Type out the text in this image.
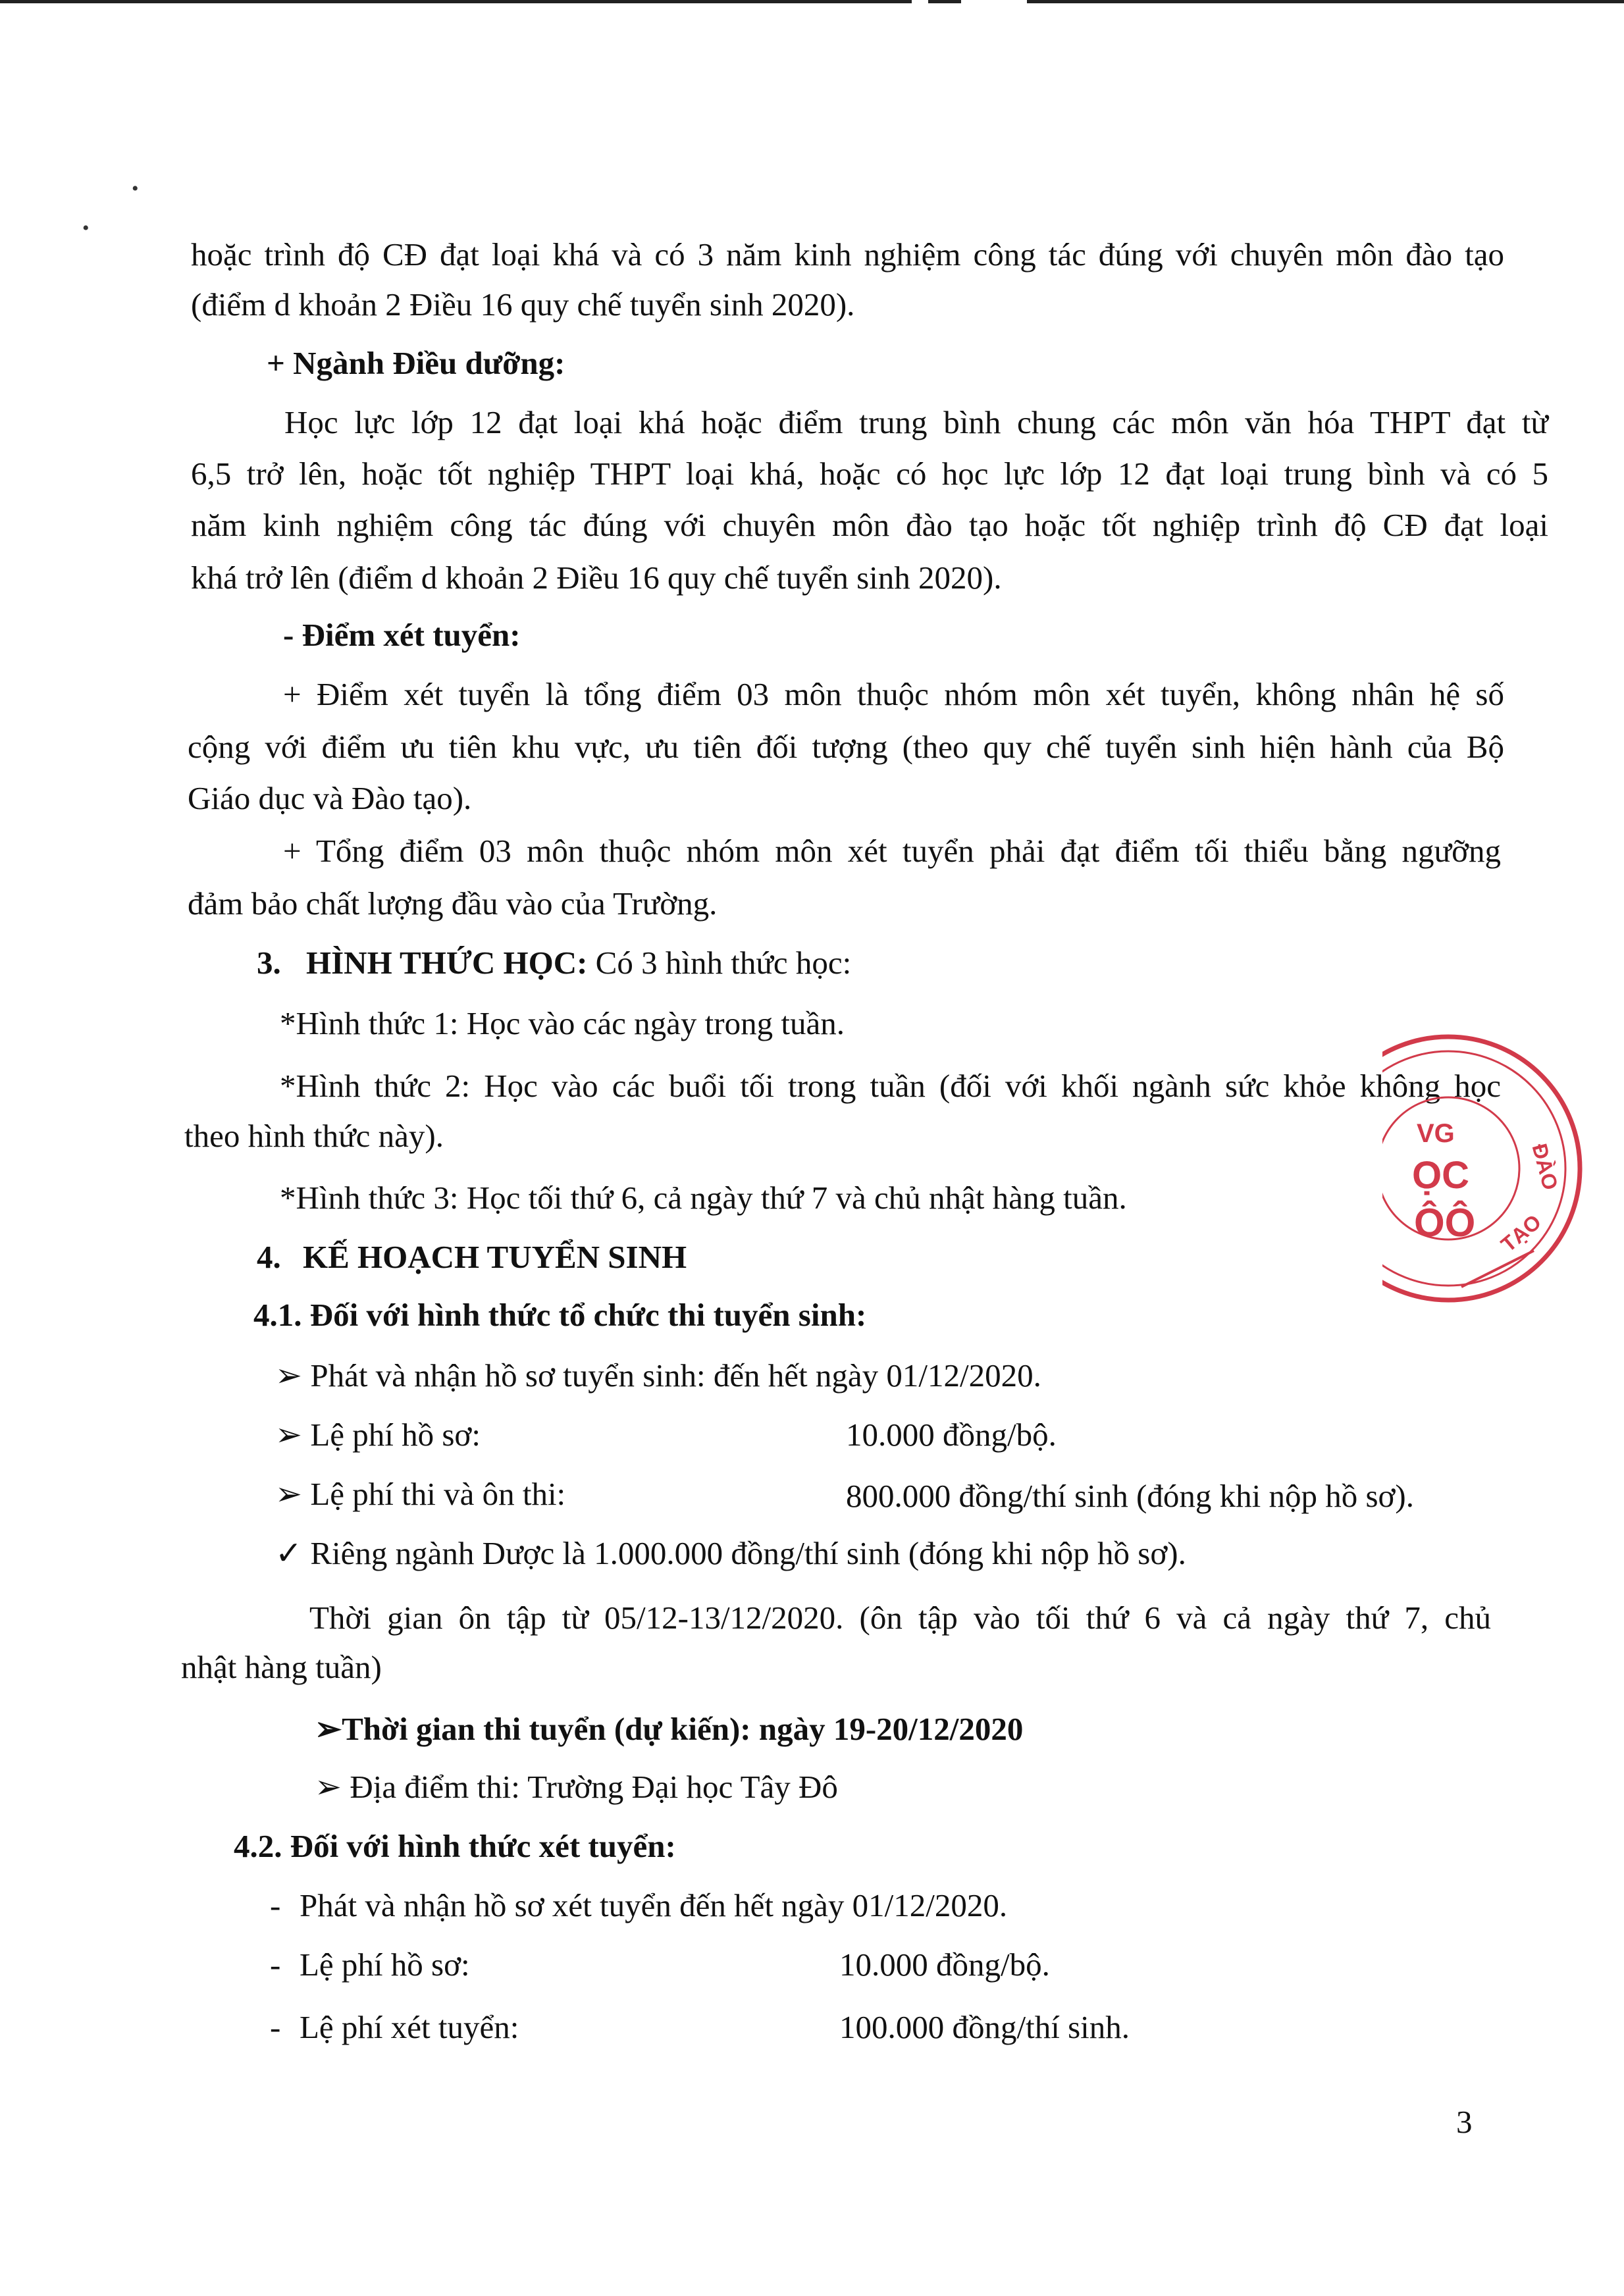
•
•
hoặc trình độ CĐ đạt loại khá và có 3 năm kinh nghiệm công tác đúng với chuyên môn đào tạo
(điểm d khoản 2 Điều 16 quy chế tuyển sinh 2020).
+ Ngành Điều dưỡng:
Học lực lớp 12 đạt loại khá hoặc điểm trung bình chung các môn văn hóa THPT đạt từ
6,5 trở lên, hoặc tốt nghiệp THPT loại khá, hoặc có học lực lớp 12 đạt loại trung bình và có 5
năm kinh nghiệm công tác đúng với chuyên môn đào tạo hoặc tốt nghiệp trình độ CĐ đạt loại
khá trở lên (điểm d khoản 2 Điều 16 quy chế tuyển sinh 2020).
- Điểm xét tuyển:
+ Điểm xét tuyển là tổng điểm 03 môn thuộc nhóm môn xét tuyển, không nhân hệ số
cộng với điểm ưu tiên khu vực, ưu tiên đối tượng (theo quy chế tuyển sinh hiện hành của Bộ
Giáo dục và Đào tạo).
+ Tổng điểm 03 môn thuộc nhóm môn xét tuyển phải đạt điểm tối thiểu bằng ngưỡng
đảm bảo chất lượng đầu vào của Trường.
3. HÌNH THỨC HỌC: Có 3 hình thức học:
*Hình thức 1: Học vào các ngày trong tuần.
*Hình thức 2: Học vào các buổi tối trong tuần (đối với khối ngành sức khỏe không học
theo hình thức này).
*Hình thức 3: Học tối thứ 6, cả ngày thứ 7 và chủ nhật hàng tuần.
4. KẾ HOẠCH TUYỂN SINH
4.1. Đối với hình thức tổ chức thi tuyển sinh:
➢ Phát và nhận hồ sơ tuyển sinh: đến hết ngày 01/12/2020.
➢ Lệ phí hồ sơ:	10.000 đồng/bộ.
➢ Lệ phí thi và ôn thi:	800.000 đồng/thí sinh (đóng khi nộp hồ sơ).
✓ Riêng ngành Dược là 1.000.000 đồng/thí sinh (đóng khi nộp hồ sơ).
Thời gian ôn tập từ 05/12-13/12/2020. (ôn tập vào tối thứ 6 và cả ngày thứ 7, chủ
nhật hàng tuần)
➢Thời gian thi tuyển (dự kiến): ngày 19-20/12/2020
➢ Địa điểm thi: Trường Đại học Tây Đô
4.2. Đối với hình thức xét tuyển:
- Phát và nhận hồ sơ xét tuyển đến hết ngày 01/12/2020.
- Lệ phí hồ sơ:	10.000 đồng/bộ.
- Lệ phí xét tuyển:	100.000 đồng/thí sinh.
VG
ỌC
ÔÔ
ĐÀO
TẠO
3
